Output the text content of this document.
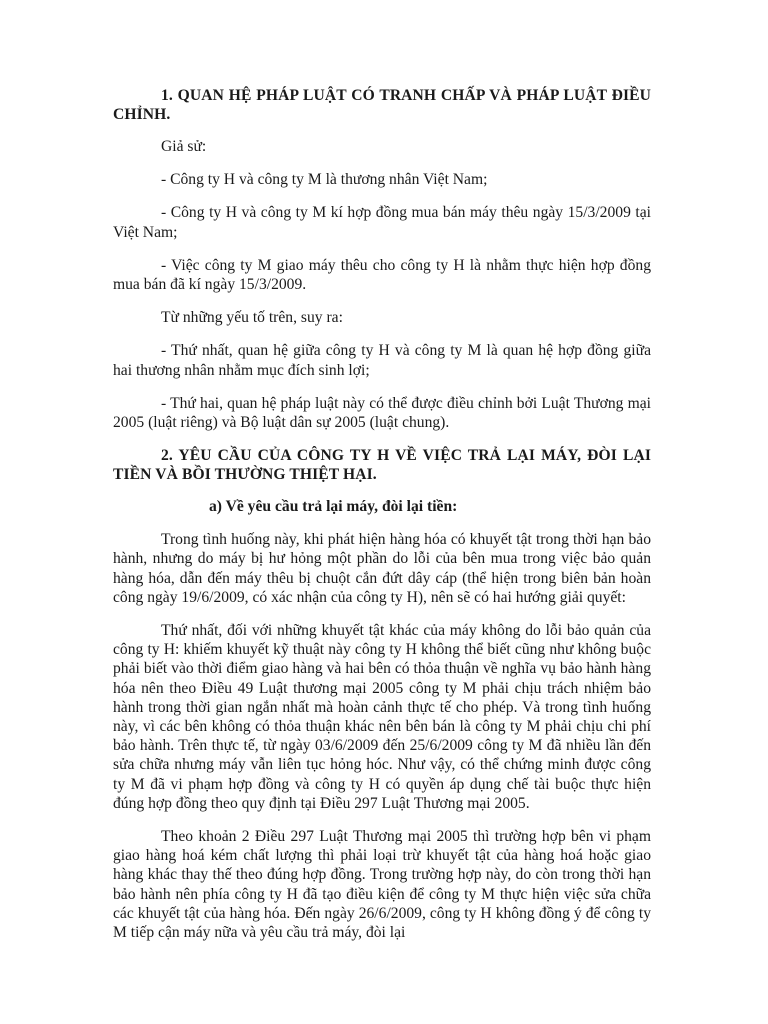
1. QUAN HỆ PHÁP LUẬT CÓ TRANH CHẤP VÀ PHÁP LUẬT ĐIỀU CHỈNH.

Giả sử:

- Công ty H và công ty M là thương nhân Việt Nam;

- Công ty H và công ty M kí hợp đồng mua bán máy thêu ngày 15/3/2009 tại Việt Nam;

- Việc công ty M giao máy thêu cho công ty H là nhằm thực hiện hợp đồng mua bán đã kí ngày 15/3/2009.

Từ những yếu tố trên, suy ra:

- Thứ nhất, quan hệ giữa công ty H và công ty M là quan hệ hợp đồng giữa hai thương nhân nhằm mục đích sinh lợi;

- Thứ hai, quan hệ pháp luật này có thể được điều chỉnh bởi Luật Thương mại 2005 (luật riêng) và Bộ luật dân sự 2005 (luật chung).

2. YÊU CẦU CỦA CÔNG TY H VỀ VIỆC TRẢ LẠI MÁY, ĐÒI LẠI TIỀN VÀ BỒI THƯỜNG THIỆT HẠI.
a) Về yêu cầu trả lại máy, đòi lại tiền:

Trong tình huống này, khi phát hiện hàng hóa có khuyết tật trong thời hạn bảo hành, nhưng do máy bị hư hỏng một phần do lỗi của bên mua trong việc bảo quản hàng hóa, dẫn đến máy thêu bị chuột cắn đứt dây cáp (thể hiện trong biên bản hoàn công ngày 19/6/2009, có xác nhận của công ty H), nên sẽ có hai hướng giải quyết:

Thứ nhất, đối với những khuyết tật khác của máy không do lỗi bảo quản của công ty H: khiếm khuyết kỹ thuật này công ty H không thể biết cũng như không buộc phải biết vào thời điểm giao hàng và hai bên có thỏa thuận về nghĩa vụ bảo hành hàng hóa nên theo Điều 49 Luật thương mại 2005 công ty M phải chịu trách nhiệm bảo hành trong thời gian ngắn nhất mà hoàn cảnh thực tế cho phép. Và trong tình huống này, vì các bên không có thỏa thuận khác nên bên bán là công ty M phải chịu chi phí bảo hành. Trên thực tế, từ ngày 03/6/2009 đến 25/6/2009 công ty M đã nhiều lần đến sửa chữa nhưng máy vẫn liên tục hỏng hóc. Như vậy, có thể chứng minh được công ty M đã vi phạm hợp đồng và công ty H có quyền áp dụng chế tài buộc thực hiện đúng hợp đồng theo quy định tại Điều 297 Luật Thương mại 2005.

Theo khoản 2 Điều 297 Luật Thương mại 2005 thì trường hợp bên vi phạm giao hàng hoá kém chất lượng thì phải loại trừ khuyết tật của hàng hoá hoặc giao hàng khác thay thế theo đúng hợp đồng. Trong trường hợp này, do còn trong thời hạn bảo hành nên phía công ty H đã tạo điều kiện để công ty M thực hiện việc sửa chữa các khuyết tật của hàng hóa. Đến ngày 26/6/2009, công ty H không đồng ý để công ty M tiếp cận máy nữa và yêu cầu trả máy, đòi lại
